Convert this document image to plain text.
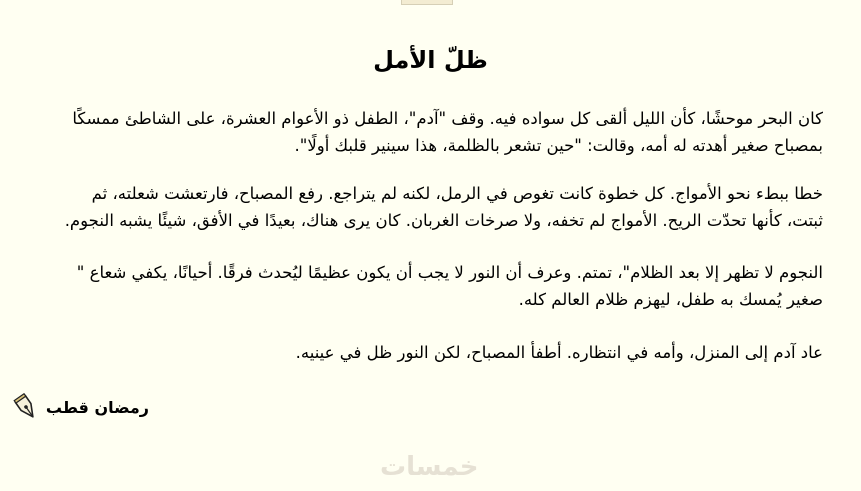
ظلّ الأمل

كان البحر موحشًا، كأن الليل ألقى كل سواده فيه. وقف "آدم"، الطفل ذو الأعوام العشرة، على الشاطئ ممسكًا
بمصباح صغير أهدته له أمه، وقالت: "حين تشعر بالظلمة، هذا سينير قلبك أولًا".

خطا ببطء نحو الأمواج. كل خطوة كانت تغوص في الرمل، لكنه لم يتراجع. رفع المصباح، فارتعشت شعلته، ثم
ثبتت، كأنها تحدّت الريح. الأمواج لم تخفه، ولا صرخات الغربان. كان يرى هناك، بعيدًا في الأفق، شيئًا يشبه النجوم.

النجوم لا تظهر إلا بعد الظلام"، تمتم. وعرف أن النور لا يجب أن يكون عظيمًا ليُحدث فرقًا. أحيانًا، يكفي شعاع "
صغير يُمسك به طفل، ليهزم ظلام العالم كله.

عاد آدم إلى المنزل، وأمه في انتظاره. أطفأ المصباح، لكن النور ظل في عينيه.

رمضان قطب
خمسات
